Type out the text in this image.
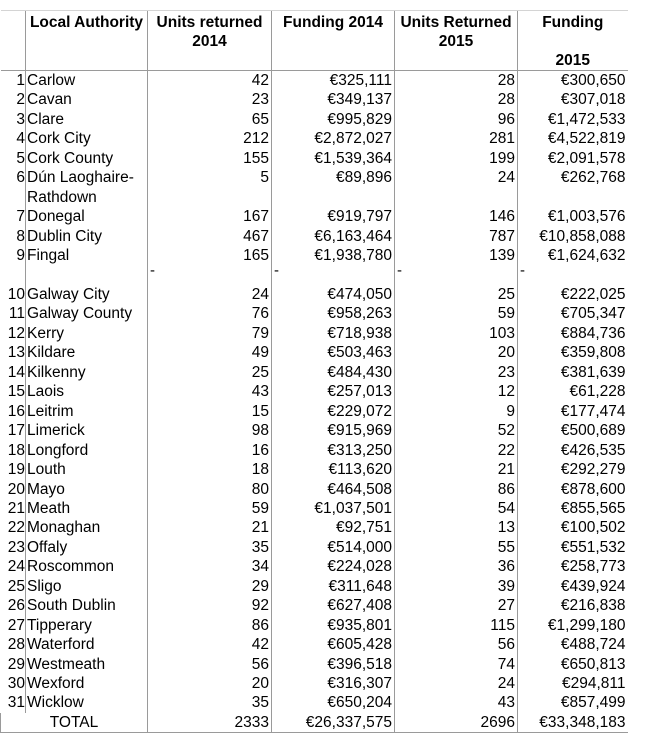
	Local Authority	Units returned 2014	Funding 2014	Units Returned 2015	Funding
2015
1	Carlow	42	€325,111	28	€300,650
2	Cavan	23	€349,137	28	€307,018
3	Clare	65	€995,829	96	€1,472,533
4	Cork City	212	€2,872,027	281	€4,522,819
5	Cork County	155	€1,539,364	199	€2,091,578
6	Dún Laoghaire-Rathdown	5	€89,896	24	€262,768
7	Donegal	167	€919,797	146	€1,003,576
8	Dublin City	467	€6,163,464	787	€10,858,088
9	Fingal	165	€1,938,780	139	€1,624,632
		-	-	-	-
10	Galway City	24	€474,050	25	€222,025
11	Galway County	76	€958,263	59	€705,347
12	Kerry	79	€718,938	103	€884,736
13	Kildare	49	€503,463	20	€359,808
14	Kilkenny	25	€484,430	23	€381,639
15	Laois	43	€257,013	12	€61,228
16	Leitrim	15	€229,072	9	€177,474
17	Limerick	98	€915,969	52	€500,689
18	Longford	16	€313,250	22	€426,535
19	Louth	18	€113,620	21	€292,279
20	Mayo	80	€464,508	86	€878,600
21	Meath	59	€1,037,501	54	€855,565
22	Monaghan	21	€92,751	13	€100,502
23	Offaly	35	€514,000	55	€551,532
24	Roscommon	34	€224,028	36	€258,773
25	Sligo	29	€311,648	39	€439,924
26	South Dublin	92	€627,408	27	€216,838
27	Tipperary	86	€935,801	115	€1,299,180
28	Waterford	42	€605,428	56	€488,724
29	Westmeath	56	€396,518	74	€650,813
30	Wexford	20	€316,307	24	€294,811
31	Wicklow	35	€650,204	43	€857,499
TOTAL		2333	€26,337,575	2696	€33,348,183
